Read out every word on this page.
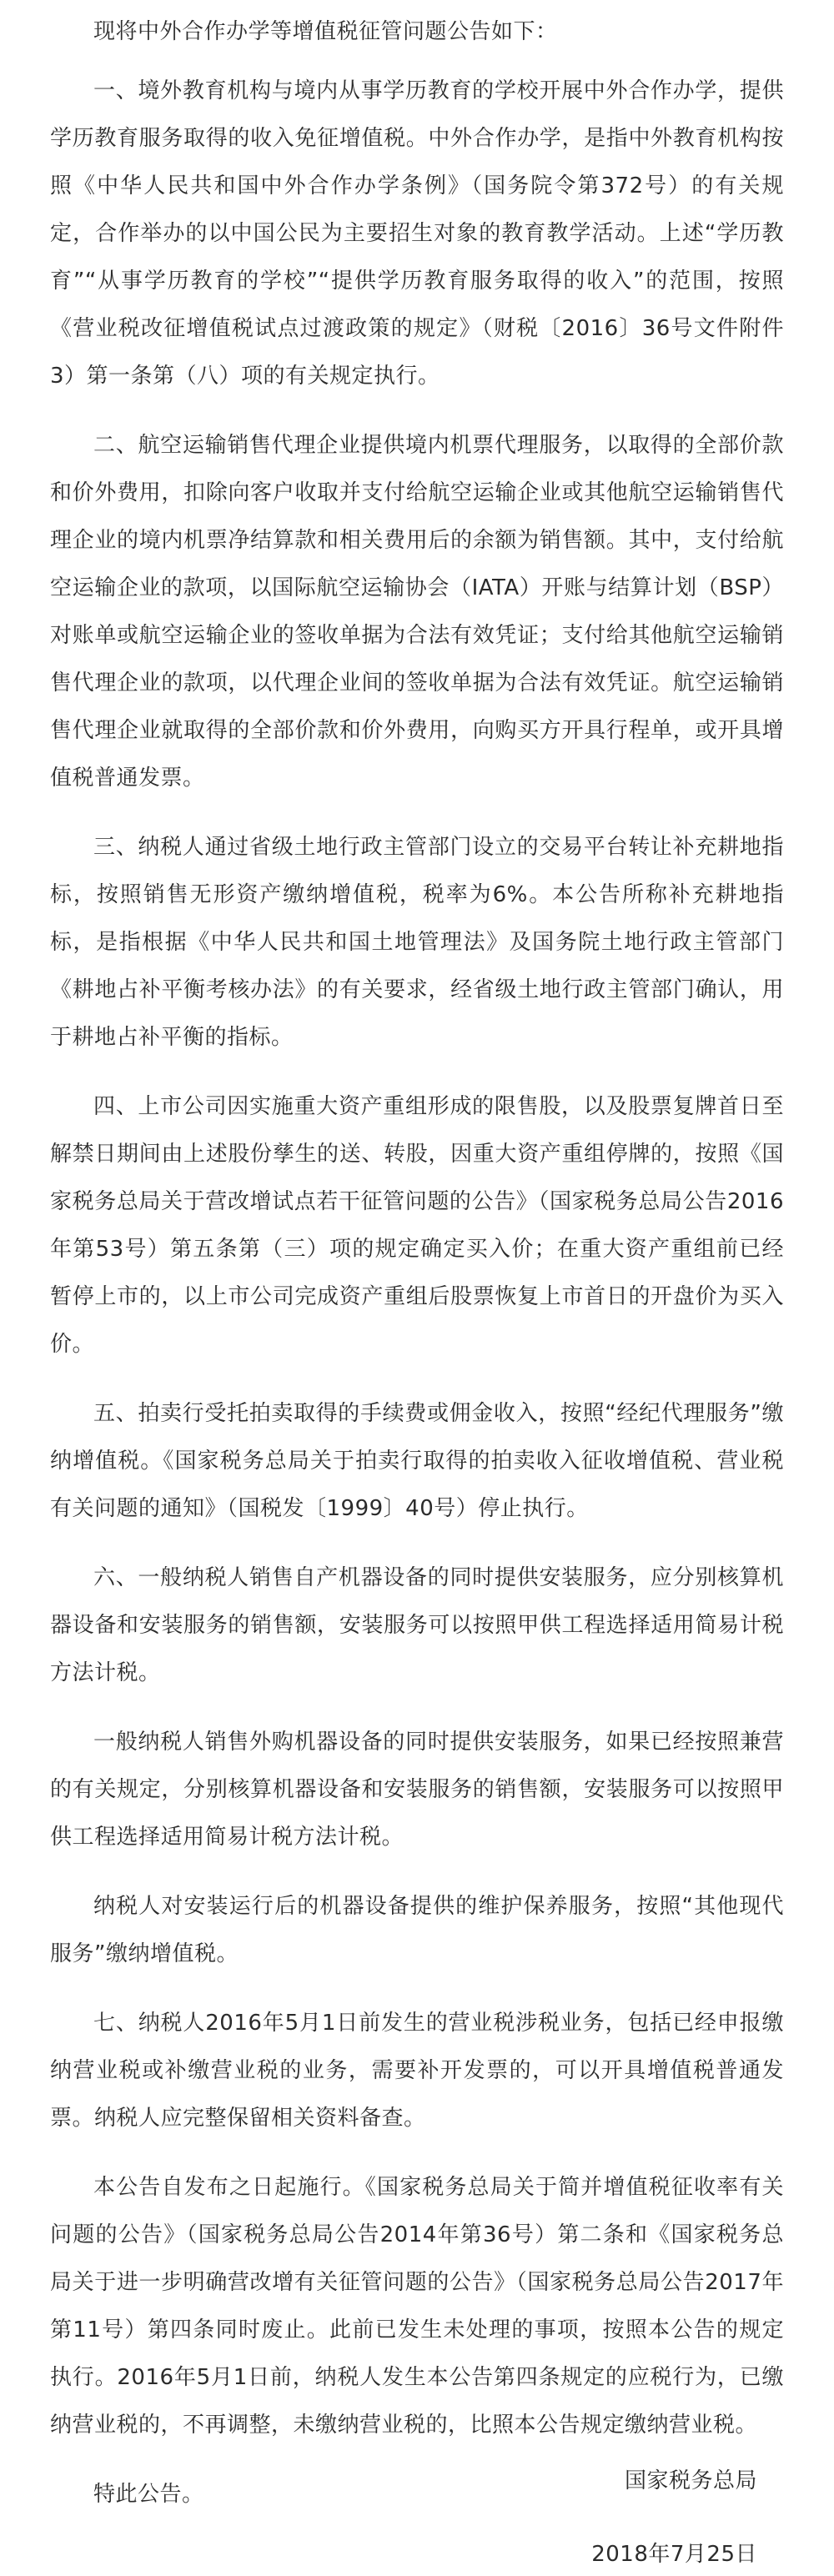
现将中外合作办学等增值税征管问题公告如下：

一、境外教育机构与境内从事学历教育的学校开展中外合作办学，提供学历教育服务取得的收入免征增值税。中外合作办学，是指中外教育机构按照《中华人民共和国中外合作办学条例》（国务院令第372号）的有关规定，合作举办的以中国公民为主要招生对象的教育教学活动。上述“学历教育”“从事学历教育的学校”“提供学历教育服务取得的收入”的范围，按照《营业税改征增值税试点过渡政策的规定》（财税〔2016〕36号文件附件3）第一条第（八）项的有关规定执行。

二、航空运输销售代理企业提供境内机票代理服务，以取得的全部价款和价外费用，扣除向客户收取并支付给航空运输企业或其他航空运输销售代理企业的境内机票净结算款和相关费用后的余额为销售额。其中，支付给航空运输企业的款项，以国际航空运输协会（IATA）开账与结算计划（BSP）对账单或航空运输企业的签收单据为合法有效凭证；支付给其他航空运输销售代理企业的款项，以代理企业间的签收单据为合法有效凭证。航空运输销售代理企业就取得的全部价款和价外费用，向购买方开具行程单，或开具增值税普通发票。

三、纳税人通过省级土地行政主管部门设立的交易平台转让补充耕地指标，按照销售无形资产缴纳增值税，税率为6%。本公告所称补充耕地指标，是指根据《中华人民共和国土地管理法》及国务院土地行政主管部门《耕地占补平衡考核办法》的有关要求，经省级土地行政主管部门确认，用于耕地占补平衡的指标。

四、上市公司因实施重大资产重组形成的限售股，以及股票复牌首日至解禁日期间由上述股份孳生的送、转股，因重大资产重组停牌的，按照《国家税务总局关于营改增试点若干征管问题的公告》（国家税务总局公告2016年第53号）第五条第（三）项的规定确定买入价；在重大资产重组前已经暂停上市的，以上市公司完成资产重组后股票恢复上市首日的开盘价为买入价。

五、拍卖行受托拍卖取得的手续费或佣金收入，按照“经纪代理服务”缴纳增值税。《国家税务总局关于拍卖行取得的拍卖收入征收增值税、营业税有关问题的通知》（国税发〔1999〕40号）停止执行。

六、一般纳税人销售自产机器设备的同时提供安装服务，应分别核算机器设备和安装服务的销售额，安装服务可以按照甲供工程选择适用简易计税方法计税。

一般纳税人销售外购机器设备的同时提供安装服务，如果已经按照兼营的有关规定，分别核算机器设备和安装服务的销售额，安装服务可以按照甲供工程选择适用简易计税方法计税。

纳税人对安装运行后的机器设备提供的维护保养服务，按照“其他现代服务”缴纳增值税。

七、纳税人2016年5月1日前发生的营业税涉税业务，包括已经申报缴纳营业税或补缴营业税的业务，需要补开发票的，可以开具增值税普通发票。纳税人应完整保留相关资料备查。

本公告自发布之日起施行。《国家税务总局关于简并增值税征收率有关问题的公告》（国家税务总局公告2014年第36号）第二条和《国家税务总局关于进一步明确营改增有关征管问题的公告》（国家税务总局公告2017年第11号）第四条同时废止。此前已发生未处理的事项，按照本公告的规定执行。2016年5月1日前，纳税人发生本公告第四条规定的应税行为，已缴纳营业税的，不再调整，未缴纳营业税的，比照本公告规定缴纳营业税。

特此公告。

国家税务总局
2018年7月25日
